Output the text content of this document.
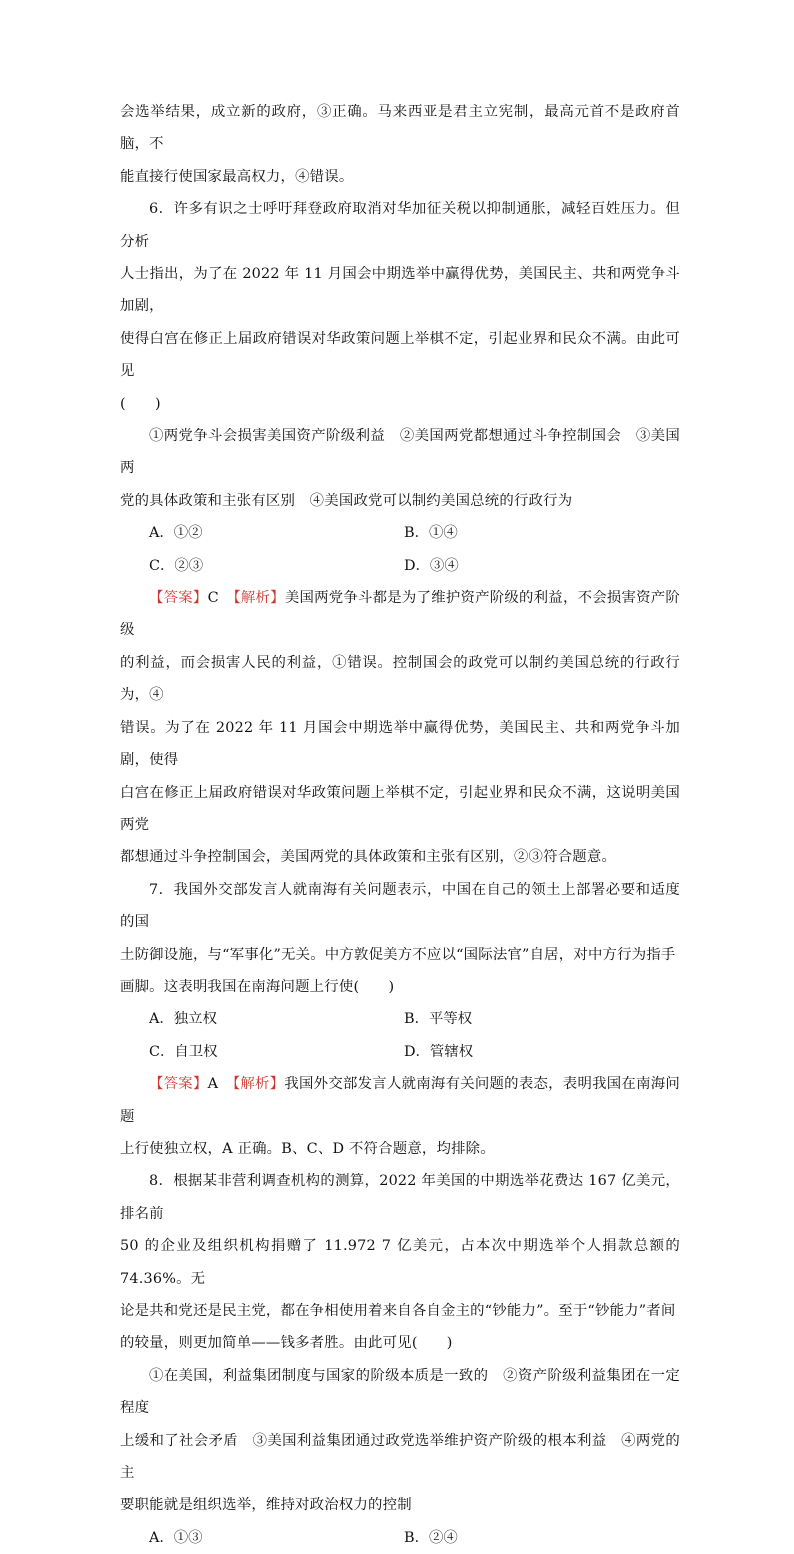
会选举结果，成立新的政府，③正确。马来西亚是君主立宪制，最高元首不是政府首脑，不

能直接行使国家最高权力，④错误。

6．许多有识之士呼吁拜登政府取消对华加征关税以抑制通胀，减轻百姓压力。但分析

人士指出，为了在 2022 年 11 月国会中期选举中赢得优势，美国民主、共和两党争斗加剧，

使得白宫在修正上届政府错误对华政策问题上举棋不定，引起业界和民众不满。由此可见

(　　)

①两党争斗会损害美国资产阶级利益　②美国两党都想通过斗争控制国会　③美国两

党的具体政策和主张有区别　④美国政党可以制约美国总统的行政行为

A．①②	B．①④
C．②③	D．③④

【答案】C　【解析】美国两党争斗都是为了维护资产阶级的利益，不会损害资产阶级

的利益，而会损害人民的利益，①错误。控制国会的政党可以制约美国总统的行政行为，④

错误。为了在 2022 年 11 月国会中期选举中赢得优势，美国民主、共和两党争斗加剧，使得

白宫在修正上届政府错误对华政策问题上举棋不定，引起业界和民众不满，这说明美国两党

都想通过斗争控制国会，美国两党的具体政策和主张有区别，②③符合题意。

7．我国外交部发言人就南海有关问题表示，中国在自己的领土上部署必要和适度的国

土防御设施，与“军事化”无关。中方敦促美方不应以“国际法官”自居，对中方行为指手

画脚。这表明我国在南海问题上行使(　　)

A．独立权	B．平等权
C．自卫权	D．管辖权

【答案】A　【解析】我国外交部发言人就南海有关问题的表态，表明我国在南海问题

上行使独立权，A 正确。B、C、D 不符合题意，均排除。

8．根据某非营利调查机构的测算，2022 年美国的中期选举花费达 167 亿美元，排名前

50 的企业及组织机构捐赠了 11.972 7 亿美元，占本次中期选举个人捐款总额的 74.36%。无

论是共和党还是民主党，都在争相使用着来自各自金主的“钞能力”。至于“钞能力”者间

的较量，则更加简单——钱多者胜。由此可见(　　)

①在美国，利益集团制度与国家的阶级本质是一致的　②资产阶级利益集团在一定程度

上缓和了社会矛盾　③美国利益集团通过政党选举维护资产阶级的根本利益　④两党的主

要职能就是组织选举，维持对政治权力的控制

A．①③	B．②④
